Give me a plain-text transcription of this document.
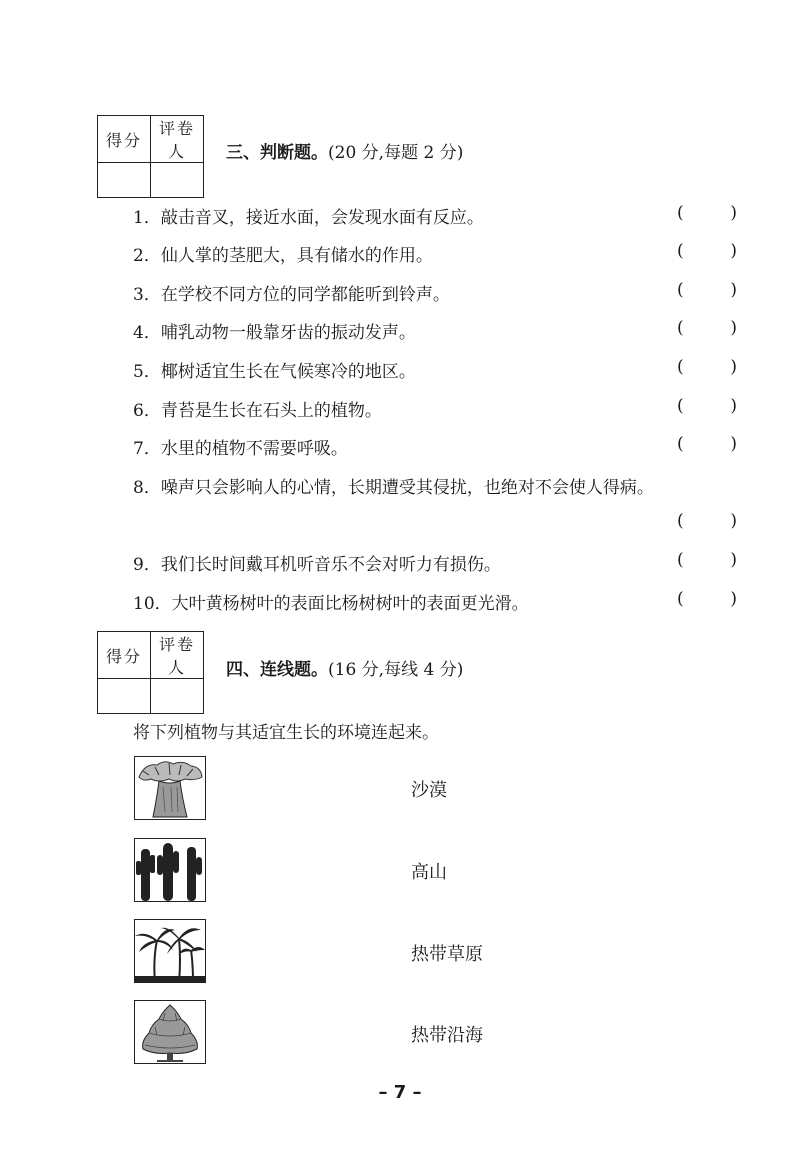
得分	评卷人
	三、判断题。(20 分,每题 2 分)
1．敲击音叉，接近水面，会发现水面有反应。	(	)
2．仙人掌的茎肥大，具有储水的作用。	(	)
3．在学校不同方位的同学都能听到铃声。	(	)
4．哺乳动物一般靠牙齿的振动发声。	(	)
5．椰树适宜生长在气候寒冷的地区。	(	)
6．青苔是生长在石头上的植物。	(	)
7．水里的植物不需要呼吸。	(	)
8．噪声只会影响人的心情，长期遭受其侵扰，也绝对不会使人得病。
(	)
9．我们长时间戴耳机听音乐不会对听力有损伤。	(	)
10．大叶黄杨树叶的表面比杨树树叶的表面更光滑。	(	)
得分	评卷人
	四、连线题。(16 分,每线 4 分)
将下列植物与其适宜生长的环境连起来。
沙漠
高山
热带草原
热带沿海
– 7 –
